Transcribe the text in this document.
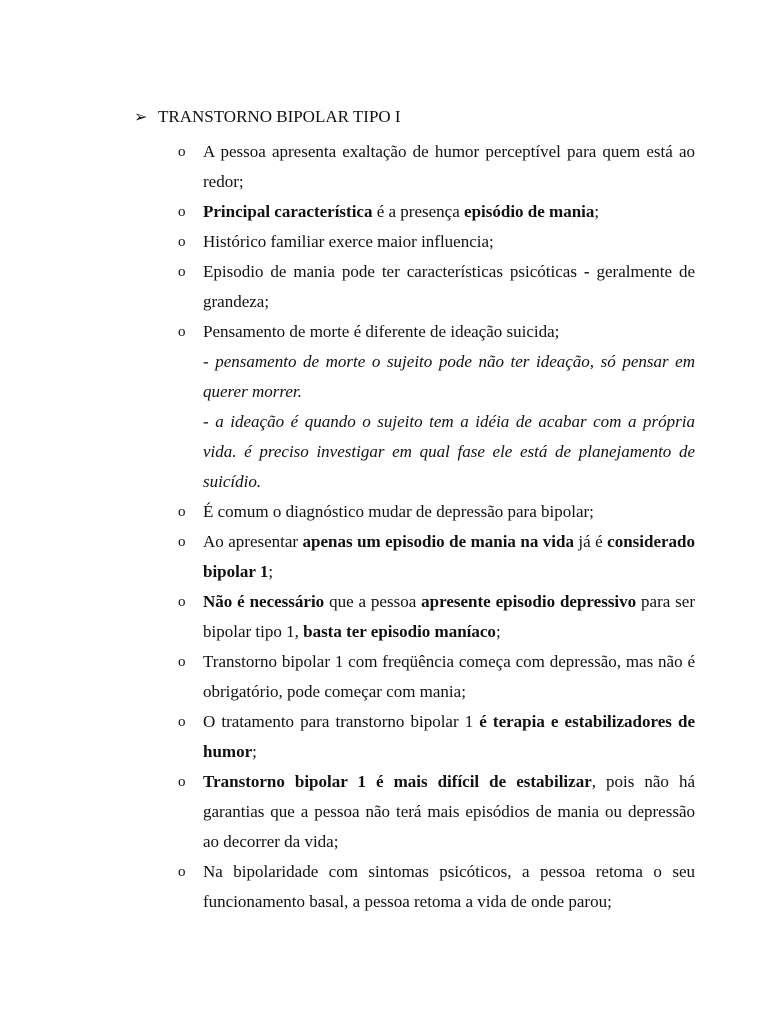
➢ TRANSTORNO BIPOLAR TIPO I
o A pessoa apresenta exaltação de humor perceptível para quem está ao redor;
o Principal característica é a presença episódio de mania;
o Histórico familiar exerce maior influencia;
o Episodio de mania pode ter características psicóticas - geralmente de grandeza;
o Pensamento de morte é diferente de ideação suicida;
- pensamento de morte o sujeito pode não ter ideação, só pensar em querer morrer.
- a ideação é quando o sujeito tem a idéia de acabar com a própria vida. é preciso investigar em qual fase ele está de planejamento de suicídio.
o É comum o diagnóstico mudar de depressão para bipolar;
o Ao apresentar apenas um episodio de mania na vida já é considerado bipolar 1;
o Não é necessário que a pessoa apresente episodio depressivo para ser bipolar tipo 1, basta ter episodio maníaco;
o Transtorno bipolar 1 com freqüência começa com depressão, mas não é obrigatório, pode começar com mania;
o O tratamento para transtorno bipolar 1 é terapia e estabilizadores de humor;
o Transtorno bipolar 1 é mais difícil de estabilizar, pois não há garantias que a pessoa não terá mais episódios de mania ou depressão ao decorrer da vida;
o Na bipolaridade com sintomas psicóticos, a pessoa retoma o seu funcionamento basal, a pessoa retoma a vida de onde parou;
